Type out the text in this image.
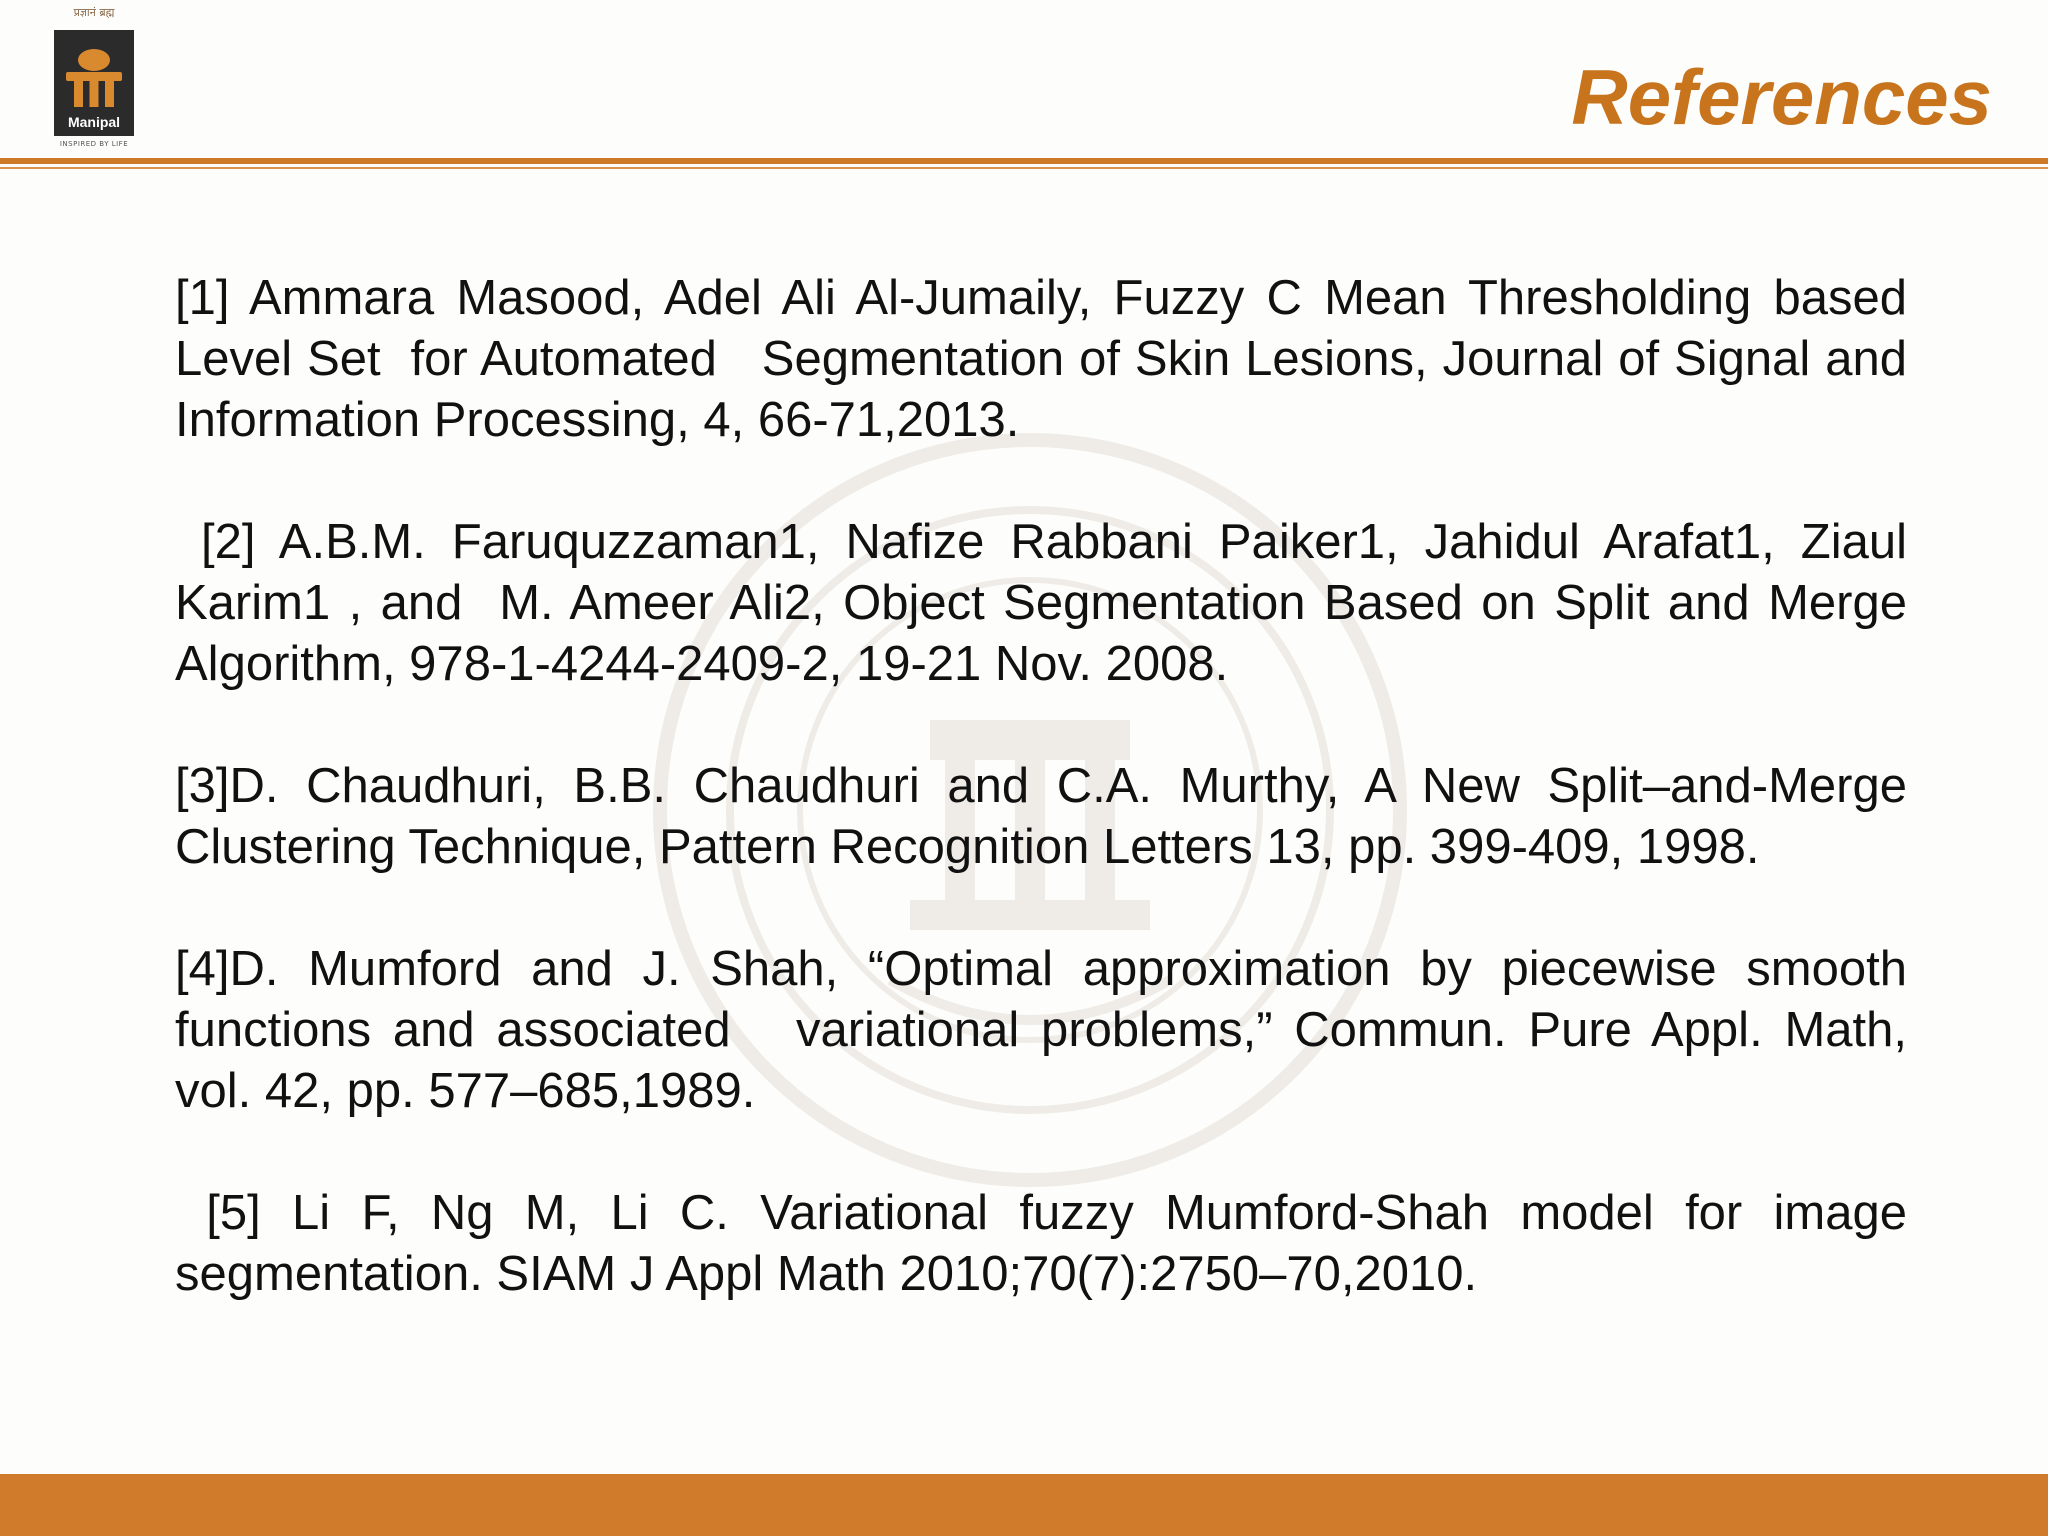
प्रज्ञानं ब्रह्म
Manipal
INSPIRED BY LIFE
References
[1] Ammara Masood, Adel Ali Al-Jumaily, Fuzzy C Mean Thresholding based Level Set  for Automated   Segmentation of Skin Lesions, Journal of Signal and Information Processing, 4, 66-71,2013.
[2] A.B.M. Faruquzzaman1, Nafize Rabbani Paiker1, Jahidul Arafat1, Ziaul Karim1 , and  M. Ameer Ali2, Object Segmentation Based on Split and Merge Algorithm, 978-1-4244-2409-2, 19-21 Nov. 2008.
[3]D. Chaudhuri, B.B. Chaudhuri and C.A. Murthy, A New Split–and-Merge Clustering Technique, Pattern Recognition Letters 13, pp. 399-409, 1998.
[4]D. Mumford and J. Shah, “Optimal approximation by piecewise smooth functions and associated   variational problems,” Commun. Pure Appl. Math, vol. 42, pp. 577–685,1989.
[5] Li F, Ng M, Li C. Variational fuzzy Mumford-Shah model for image segmentation. SIAM J Appl Math 2010;70(7):2750–70,2010.
